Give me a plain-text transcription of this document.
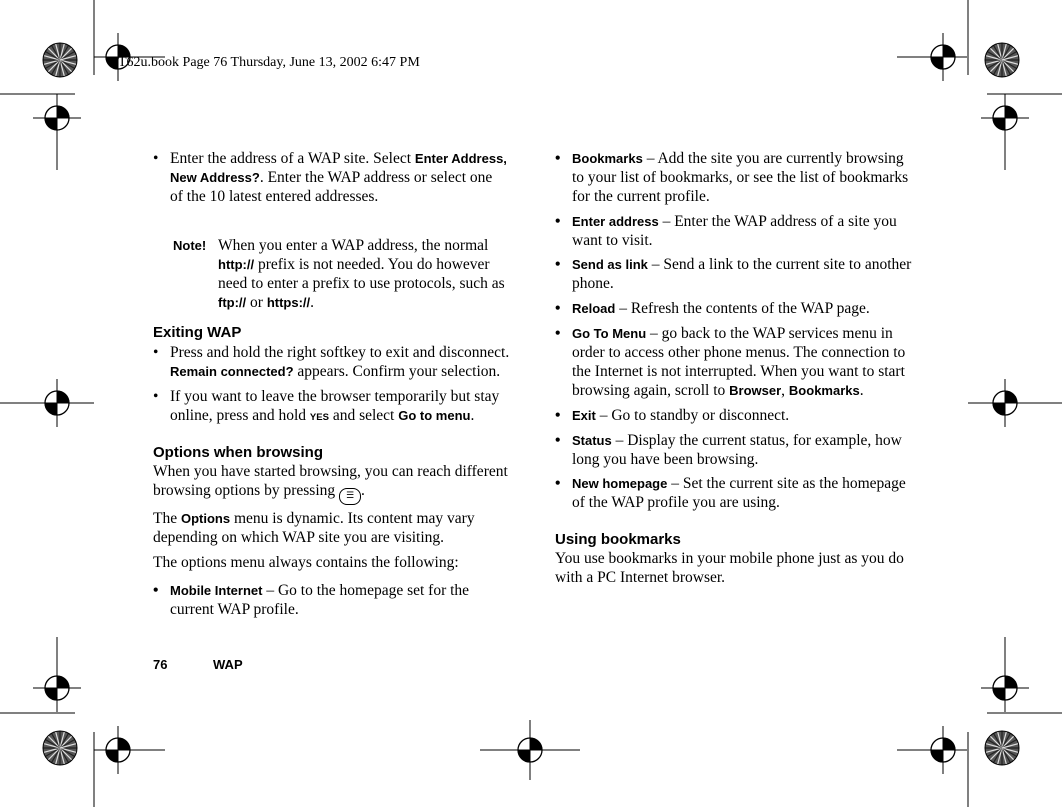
T62u.book Page 76 Thursday, June 13, 2002 6:47 PM
• Enter the address of a WAP site. Select Enter Address,
New Address?. Enter the WAP address or select one
of the 10 latest entered addresses.
Note! When you enter a WAP address, the normal
http:// prefix is not needed. You do however
need to enter a prefix to use protocols, such as
ftp:// or https://.
Exiting WAP
• Press and hold the right softkey to exit and disconnect.
Remain connected? appears. Confirm your selection.
• If you want to leave the browser temporarily but stay
online, press and hold YES and select Go to menu.
Options when browsing
When you have started browsing, you can reach different
browsing options by pressing ☰ .
The Options menu is dynamic. Its content may vary
depending on which WAP site you are visiting.
The options menu always contains the following:
• Mobile Internet – Go to the homepage set for the
current WAP profile.
• Bookmarks – Add the site you are currently browsing
to your list of bookmarks, or see the list of bookmarks
for the current profile.
• Enter address – Enter the WAP address of a site you
want to visit.
• Send as link – Send a link to the current site to another
phone.
• Reload – Refresh the contents of the WAP page.
• Go To Menu – go back to the WAP services menu in
order to access other phone menus. The connection to
the Internet is not interrupted. When you want to start
browsing again, scroll to Browser, Bookmarks.
• Exit – Go to standby or disconnect.
• Status – Display the current status, for example, how
long you have been browsing.
• New homepage – Set the current site as the homepage
of the WAP profile you are using.
Using bookmarks
You use bookmarks in your mobile phone just as you do
with a PC Internet browser.
76	WAP
